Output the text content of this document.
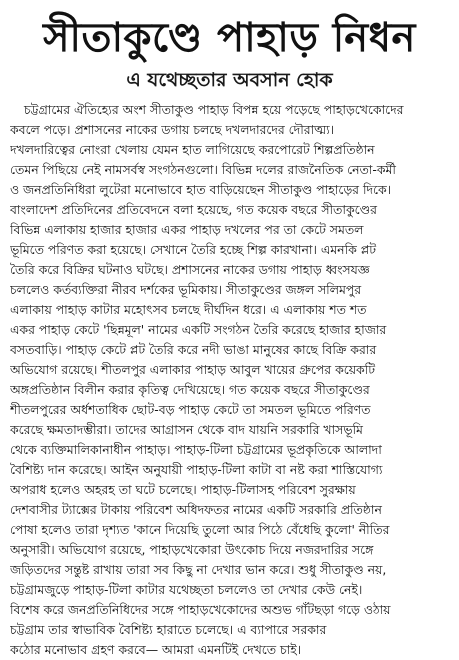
সীতাকুণ্ডে পাহাড় নিধন
এ যথেচ্ছতার অবসান হোক
চট্টগ্রামের ঐতিহ্যের অংশ সীতাকুণ্ড পাহাড় বিপন্ন হয়ে পড়েছে পাহাড়খেকোদের
কবলে পড়ে। প্রশাসনের নাকের ডগায় চলছে দখলদারদের দৌরাত্ম্য।
দখলদারিত্বের নোংরা খেলায় যেমন হাত লাগিয়েছে করপোরেট শিল্পপ্রতিষ্ঠান
তেমন পিছিয়ে নেই নামসর্বস্ব সংগঠনগুলো। বিভিন্ন দলের রাজনৈতিক নেতা-কর্মী
ও জনপ্রতিনিধিরা লুটেরা মনোভাবে হাত বাড়িয়েছেন সীতাকুণ্ড পাহাড়ের দিকে।
বাংলাদেশ প্রতিদিনের প্রতিবেদনে বলা হয়েছে, গত কয়েক বছরে সীতাকুণ্ডের
বিভিন্ন এলাকায় হাজার হাজার একর পাহাড় দখলের পর তা কেটে সমতল
ভূমিতে পরিণত করা হয়েছে। সেখানে তৈরি হচ্ছে শিল্প কারখানা। এমনকি প্লট
তৈরি করে বিক্রির ঘটনাও ঘটছে। প্রশাসনের নাকের ডগায় পাহাড় ধ্বংসযজ্ঞ
চললেও কর্তব্যক্তিরা নীরব দর্শকের ভূমিকায়। সীতাকুণ্ডের জঙ্গল সলিমপুর
এলাকায় পাহাড় কাটার মহোৎসব চলছে দীর্ঘদিন ধরে। এ এলাকায় শত শত
একর পাহাড় কেটে 'ছিন্নমূল' নামের একটি সংগঠন তৈরি করেছে হাজার হাজার
বসতবাড়ি। পাহাড় কেটে প্লট তৈরি করে নদী ভাঙা মানুষের কাছে বিক্রি করার
অভিযোগ রয়েছে। শীতলপুর এলাকার পাহাড় আবুল খায়ের গ্রুপের কয়েকটি
অঙ্গপ্রতিষ্ঠান বিলীন করার কৃতিত্ব দেখিয়েছে। গত কয়েক বছরে সীতাকুণ্ডের
শীতলপুরের অর্ধশতাধিক ছোট-বড় পাহাড় কেটে তা সমতল ভূমিতে পরিণত
করেছে ক্ষমতাদম্ভীরা। তাদের আগ্রাসন থেকে বাদ যায়নি সরকারি খাসভূমি
থেকে ব্যক্তিমালিকানাধীন পাহাড়। পাহাড়-টিলা চট্টগ্রামের ভূপ্রকৃতিকে আলাদা
বৈশিষ্ট্য দান করেছে। আইন অনুযায়ী পাহাড়-টিলা কাটা বা নষ্ট করা শাস্তিযোগ্য
অপরাধ হলেও অহরহ তা ঘটে চলেছে। পাহাড়-টিলাসহ পরিবেশ সুরক্ষায়
দেশবাসীর ট্যাক্সের টাকায় পরিবেশ অধিদফতর নামের একটি সরকারি প্রতিষ্ঠান
পোষা হলেও তারা দৃশ্যত 'কানে দিয়েছি তুলো আর পিঠে বেঁধেছি কুলো' নীতির
অনুসারী। অভিযোগ রয়েছে, পাহাড়খেকোরা উৎকোচ দিয়ে নজরদারির সঙ্গে
জড়িতদের সন্তুষ্ট রাখায় তারা সব কিছু না দেখার ভান করে। শুধু সীতাকুণ্ড নয়,
চট্টগ্রামজুড়ে পাহাড়-টিলা কাটার যথেচ্ছতা চললেও তা দেখার কেউ নেই।
বিশেষ করে জনপ্রতিনিধিদের সঙ্গে পাহাড়খেকোদের অশুভ গাঁটছড়া গড়ে ওঠায়
চট্টগ্রাম তার স্বাভাবিক বৈশিষ্ট্য হারাতে চলেছে। এ ব্যাপারে সরকার
কঠোর মনোভাব গ্রহণ করবে— আমরা এমনটিই দেখতে চাই।
